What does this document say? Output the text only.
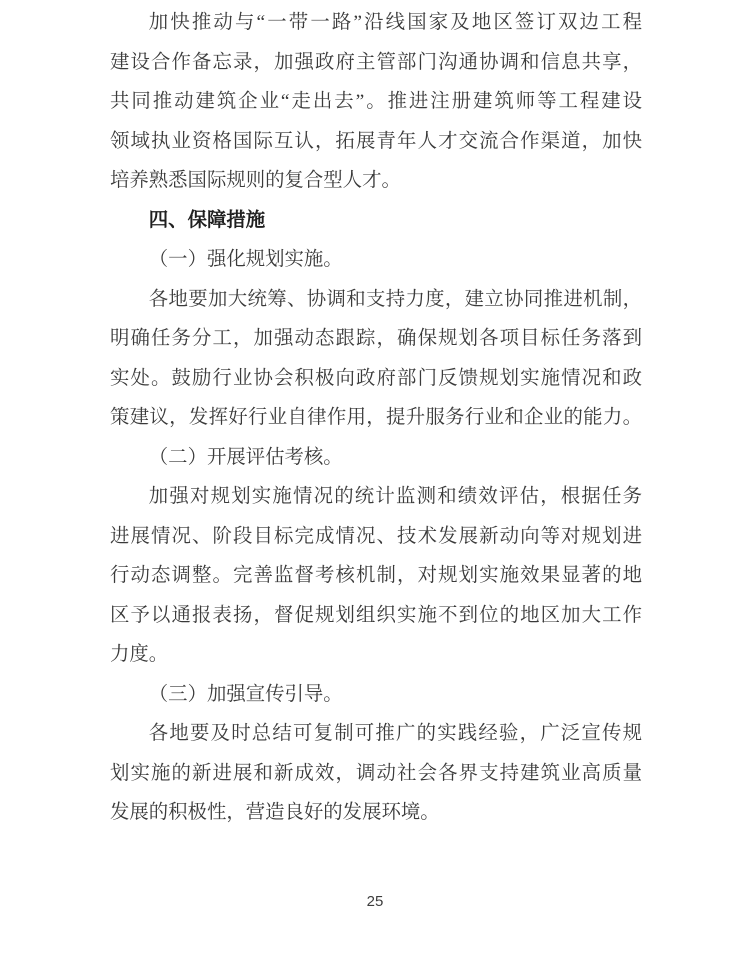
加快推动与“一带一路”沿线国家及地区签订双边工程
建设合作备忘录，加强政府主管部门沟通协调和信息共享，
共同推动建筑企业“走出去”。推进注册建筑师等工程建设
领域执业资格国际互认，拓展青年人才交流合作渠道，加快
培养熟悉国际规则的复合型人才。
四、保障措施
（一）强化规划实施。
各地要加大统筹、协调和支持力度，建立协同推进机制，
明确任务分工，加强动态跟踪，确保规划各项目标任务落到
实处。鼓励行业协会积极向政府部门反馈规划实施情况和政
策建议，发挥好行业自律作用，提升服务行业和企业的能力。
（二）开展评估考核。
加强对规划实施情况的统计监测和绩效评估，根据任务
进展情况、阶段目标完成情况、技术发展新动向等对规划进
行动态调整。完善监督考核机制，对规划实施效果显著的地
区予以通报表扬，督促规划组织实施不到位的地区加大工作
力度。
（三）加强宣传引导。
各地要及时总结可复制可推广的实践经验，广泛宣传规
划实施的新进展和新成效，调动社会各界支持建筑业高质量
发展的积极性，营造良好的发展环境。
25
